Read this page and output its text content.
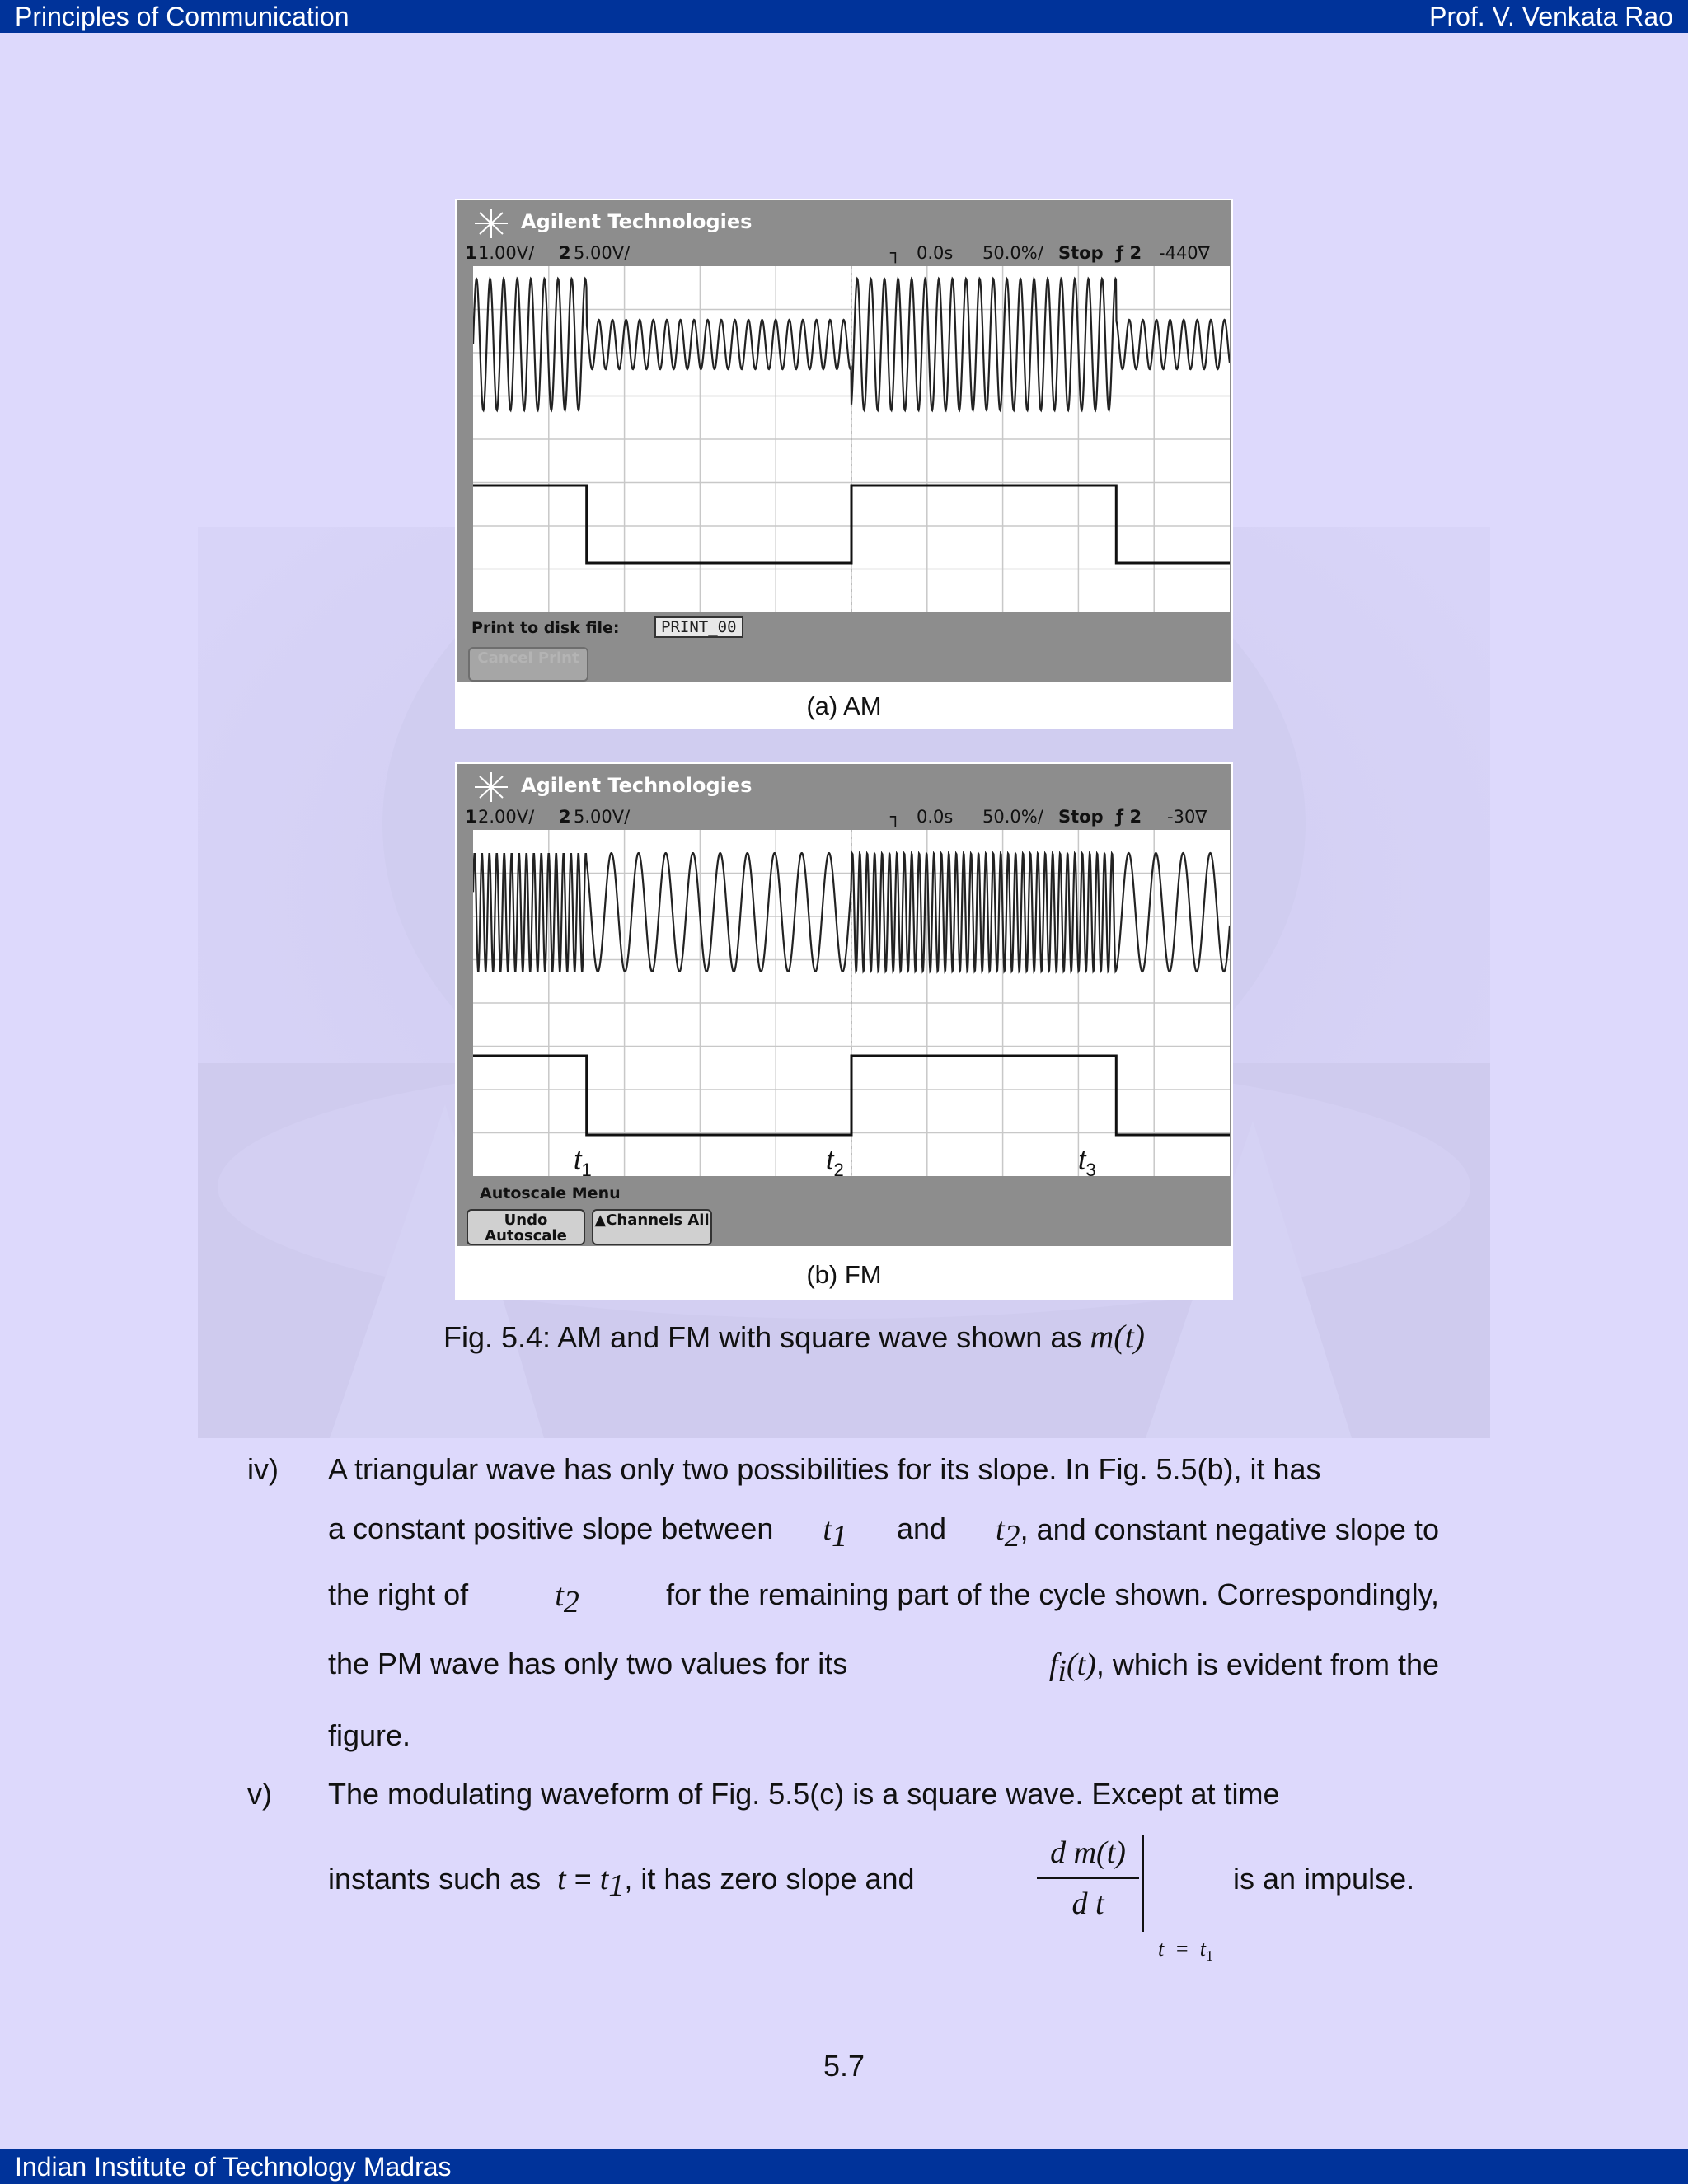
Principles of Communication	Prof. V. Venkata Rao
Agilent Technologies
1 1.00V/ 2 5.00V/	┐ 0.0s 50.0%/ Stop ƒ 2 -440∇
Print to disk file:	PRINT_00
Cancel Print
(a) AM
Agilent Technologies
1 2.00V/ 2 5.00V/	┐ 0.0s 50.0%/ Stop ƒ 2 -30∇
$t_1$	$t_2$	$t_3$
Autoscale Menu
Undo Autoscale
▲Channels All
(b) FM
Fig. 5.4: AM and FM with square wave shown as m(t)
iv) A triangular wave has only two possibilities for its slope. In Fig. 5.5(b), it has
a constant positive slope between $t_1$ and $t_2$, and constant negative slope to
the right of	$t_2$	for the remaining part of the cycle shown. Correspondingly,
the PM wave has only two values for its	$f_i(t)$, which is evident from the
figure.
v) The modulating waveform of Fig. 5.5(c) is a square wave. Except at time
instants such as $t = t_1$, it has zero slope and
d m(t)
d t

$t = t_1$

is an impulse.
5.7
Indian Institute of Technology Madras
